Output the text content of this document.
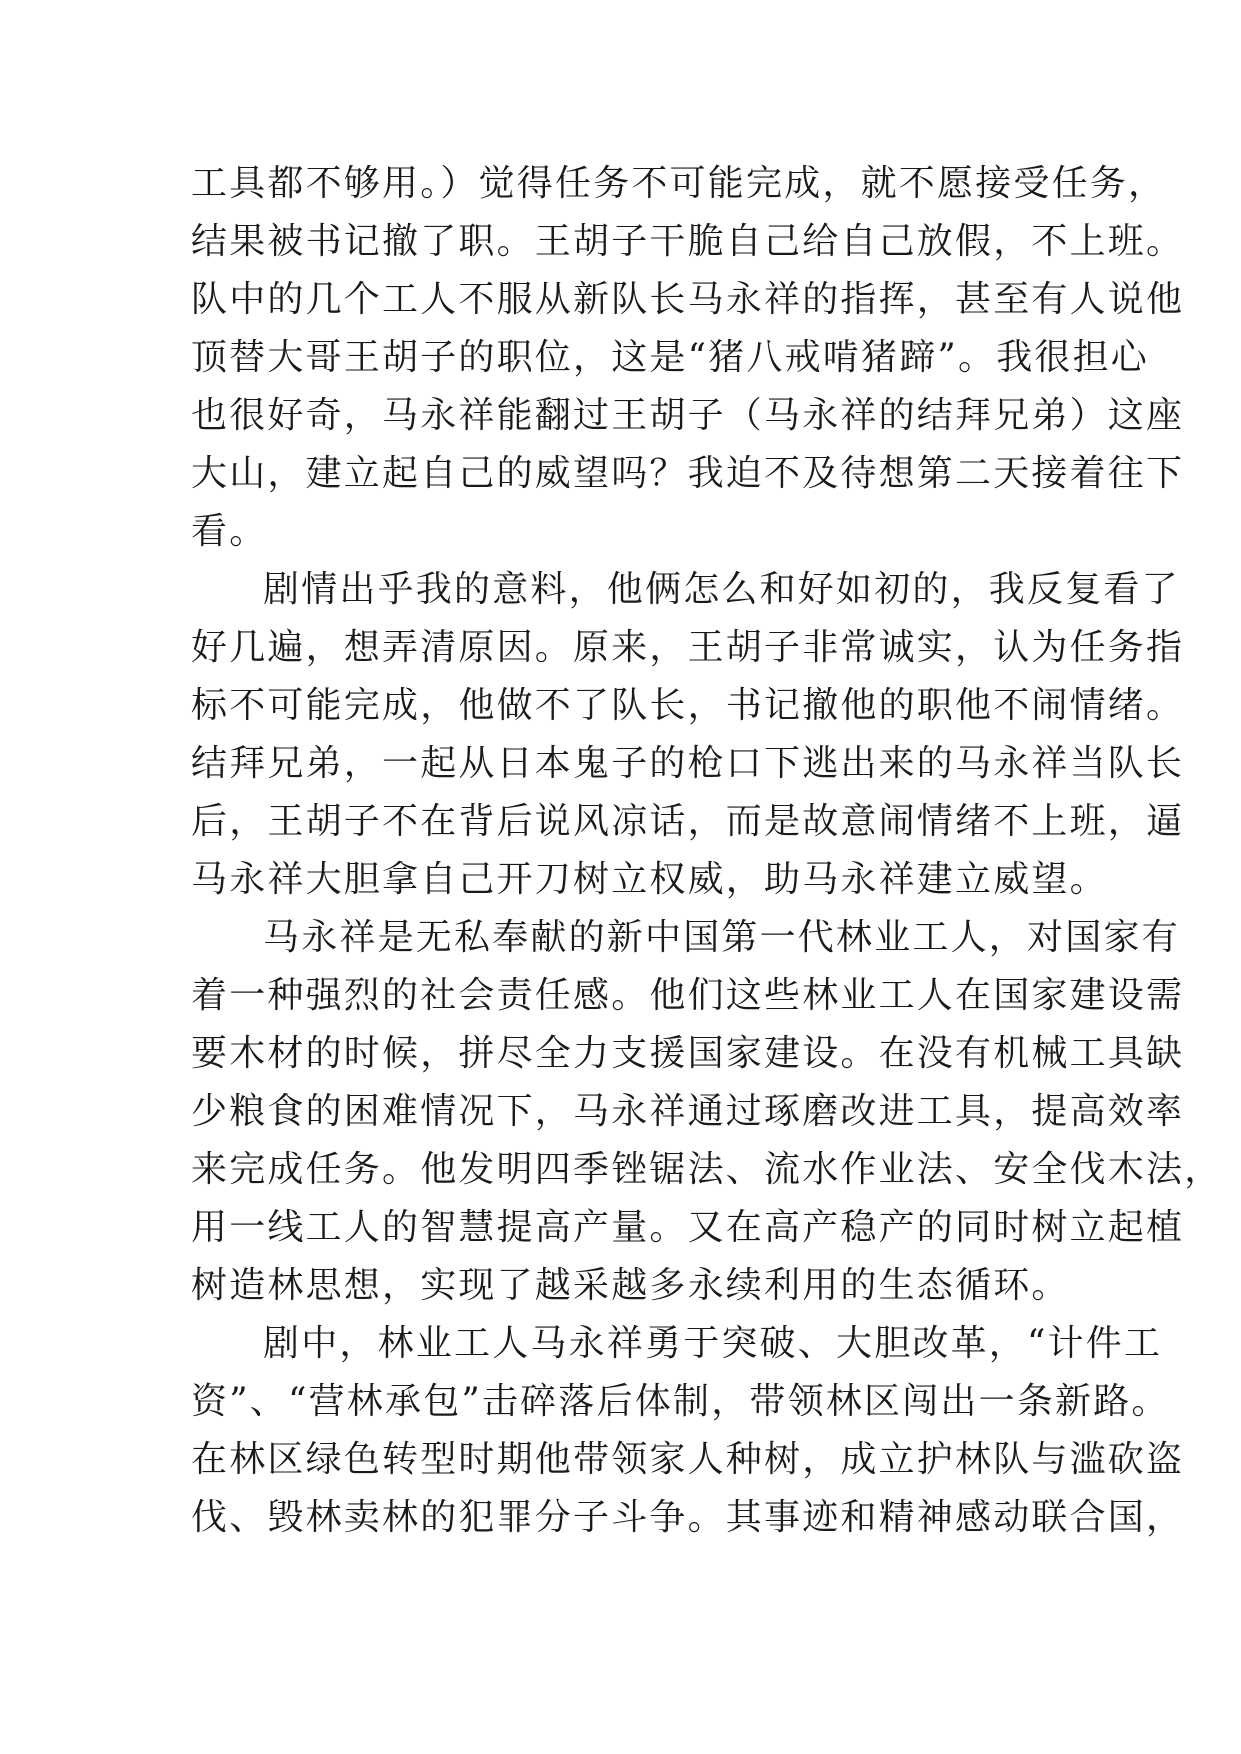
工具都不够用。）觉得任务不可能完成，就不愿接受任务，
结果被书记撤了职。王胡子干脆自己给自己放假，不上班。
队中的几个工人不服从新队长马永祥的指挥，甚至有人说他
顶替大哥王胡子的职位，这是“猪八戒啃猪蹄”。我很担心
也很好奇，马永祥能翻过王胡子（马永祥的结拜兄弟）这座
大山，建立起自己的威望吗？我迫不及待想第二天接着往下
看。
剧情出乎我的意料，他俩怎么和好如初的，我反复看了
好几遍，想弄清原因。原来，王胡子非常诚实，认为任务指
标不可能完成，他做不了队长，书记撤他的职他不闹情绪。
结拜兄弟，一起从日本鬼子的枪口下逃出来的马永祥当队长
后，王胡子不在背后说风凉话，而是故意闹情绪不上班，逼
马永祥大胆拿自己开刀树立权威，助马永祥建立威望。
马永祥是无私奉献的新中国第一代林业工人，对国家有
着一种强烈的社会责任感。他们这些林业工人在国家建设需
要木材的时候，拼尽全力支援国家建设。在没有机械工具缺
少粮食的困难情况下，马永祥通过琢磨改进工具，提高效率
来完成任务。他发明四季锉锯法、流水作业法、安全伐木法，
用一线工人的智慧提高产量。又在高产稳产的同时树立起植
树造林思想，实现了越采越多永续利用的生态循环。
剧中，林业工人马永祥勇于突破、大胆改革，“计件工
资”、“营林承包”击碎落后体制，带领林区闯出一条新路。
在林区绿色转型时期他带领家人种树，成立护林队与滥砍盗
伐、毁林卖林的犯罪分子斗争。其事迹和精神感动联合国，
